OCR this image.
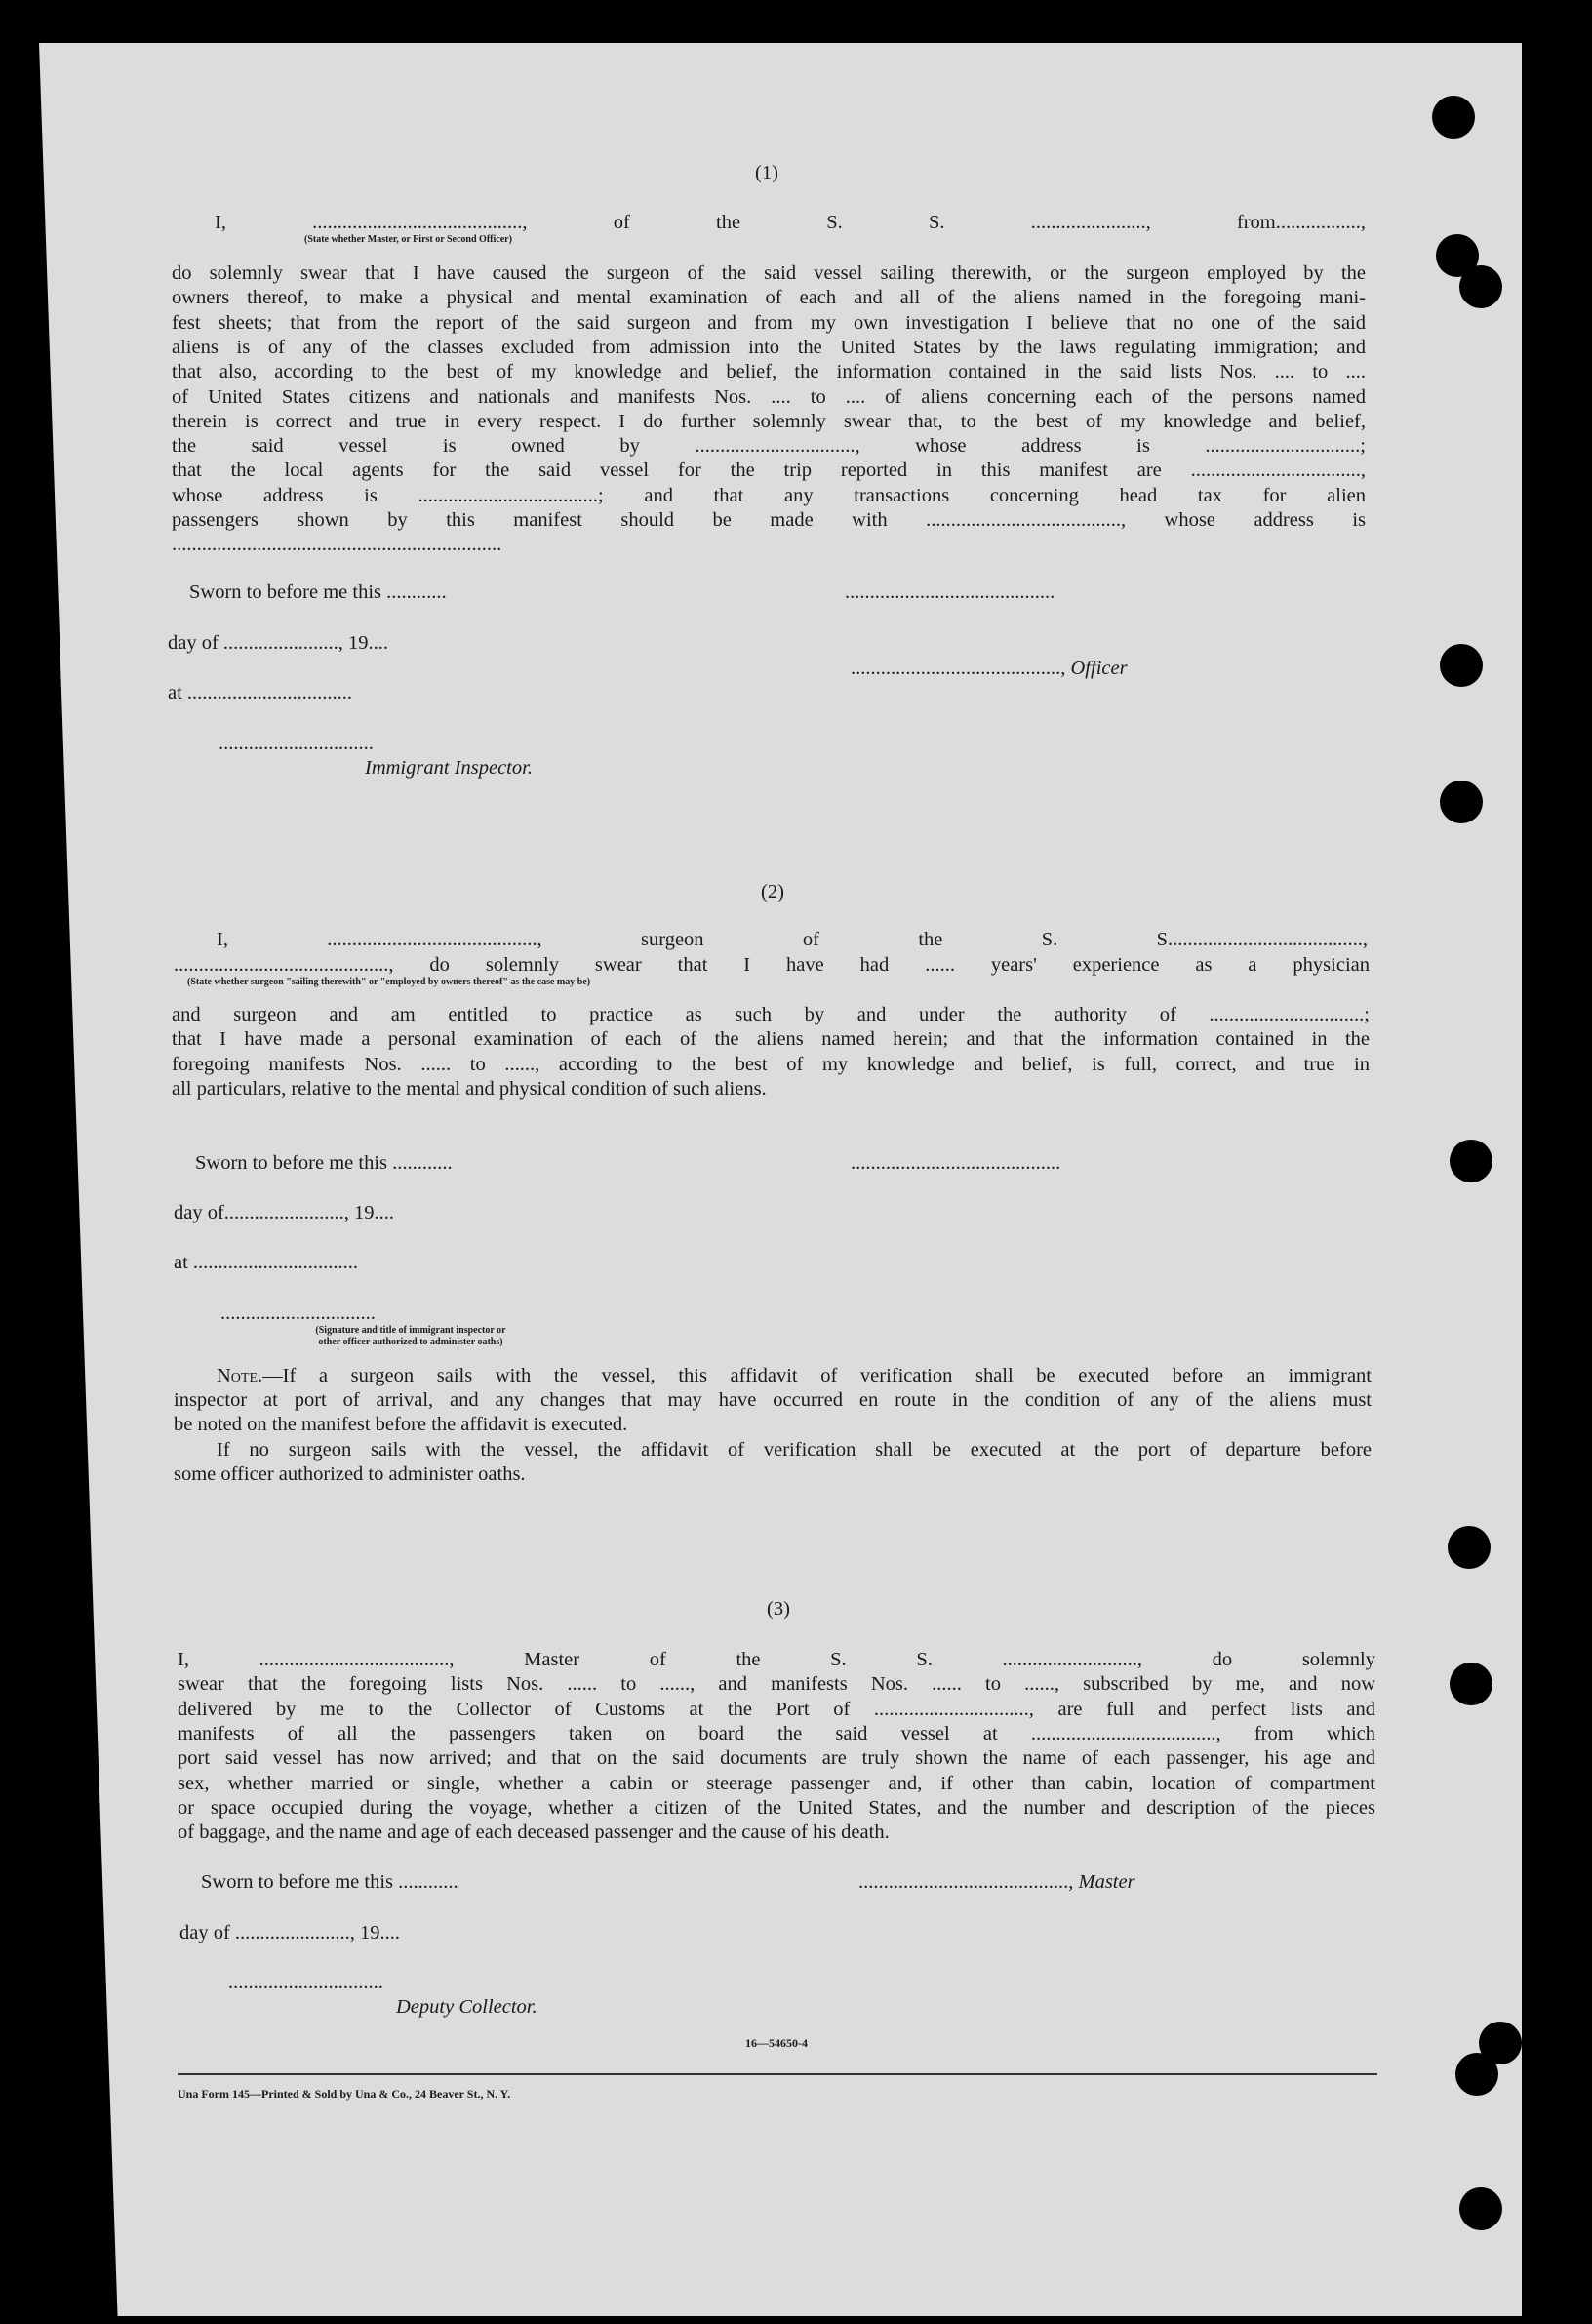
(1)
I, .........................................., of the S. S. ......................., from.................,
(State whether Master, or First or Second Officer)
do solemnly swear that I have caused the surgeon of the said vessel sailing therewith, or the surgeon employed by the
owners thereof, to make a physical and mental examination of each and all of the aliens named in the foregoing mani-
fest sheets; that from the report of the said surgeon and from my own investigation I believe that no one of the said
aliens is of any of the classes excluded from admission into the United States by the laws regulating immigration; and
that also, according to the best of my knowledge and belief, the information contained in the said lists Nos. .... to ....
of United States citizens and nationals and manifests Nos. .... to .... of aliens concerning each of the persons named
therein is correct and true in every respect. I do further solemnly swear that, to the best of my knowledge and belief,
the said vessel is owned by ................................, whose address is ...............................;
that the local agents for the said vessel for the trip reported in this manifest are ..................................,
whose address is ....................................; and that any transactions concerning head tax for alien
passengers shown by this manifest should be made with ......................................., whose address is
..................................................................
Sworn to before me this ............	..........................................
day of ......................., 19....
.........................................., Officer
at .................................
...............................
Immigrant Inspector.
(2)
I, .........................................., surgeon of the S. S.......................................,
..........................................., do solemnly swear that I have had ...... years' experience as a physician
(State whether surgeon "sailing therewith" or "employed by owners thereof" as the case may be)
and surgeon and am entitled to practice as such by and under the authority of ...............................;
that I have made a personal examination of each of the aliens named herein; and that the information contained in the
foregoing manifests Nos. ...... to ......, according to the best of my knowledge and belief, is full, correct, and true in
all particulars, relative to the mental and physical condition of such aliens.
Sworn to before me this ............	..........................................
day of........................, 19....
at .................................
...............................
(Signature and title of immigrant inspector or
other officer authorized to administer oaths)
Note.—If a surgeon sails with the vessel, this affidavit of verification shall be executed before an immigrant
inspector at port of arrival, and any changes that may have occurred en route in the condition of any of the aliens must
be noted on the manifest before the affidavit is executed.
If no surgeon sails with the vessel, the affidavit of verification shall be executed at the port of departure before
some officer authorized to administer oaths.
(3)
I, ......................................, Master of the S. S. ..........................., do solemnly
swear that the foregoing lists Nos. ...... to ......, and manifests Nos. ...... to ......, subscribed by me, and now
delivered by me to the Collector of Customs at the Port of ..............................., are full and perfect lists and
manifests of all the passengers taken on board the said vessel at ....................................., from which
port said vessel has now arrived; and that on the said documents are truly shown the name of each passenger, his age and
sex, whether married or single, whether a cabin or steerage passenger and, if other than cabin, location of compartment
or space occupied during the voyage, whether a citizen of the United States, and the number and description of the pieces
of baggage, and the name and age of each deceased passenger and the cause of his death.
Sworn to before me this ............	.........................................., Master
day of ......................., 19....
...............................
Deputy Collector.
16—54650-4
Una Form 145—Printed & Sold by Una & Co., 24 Beaver St., N. Y.
